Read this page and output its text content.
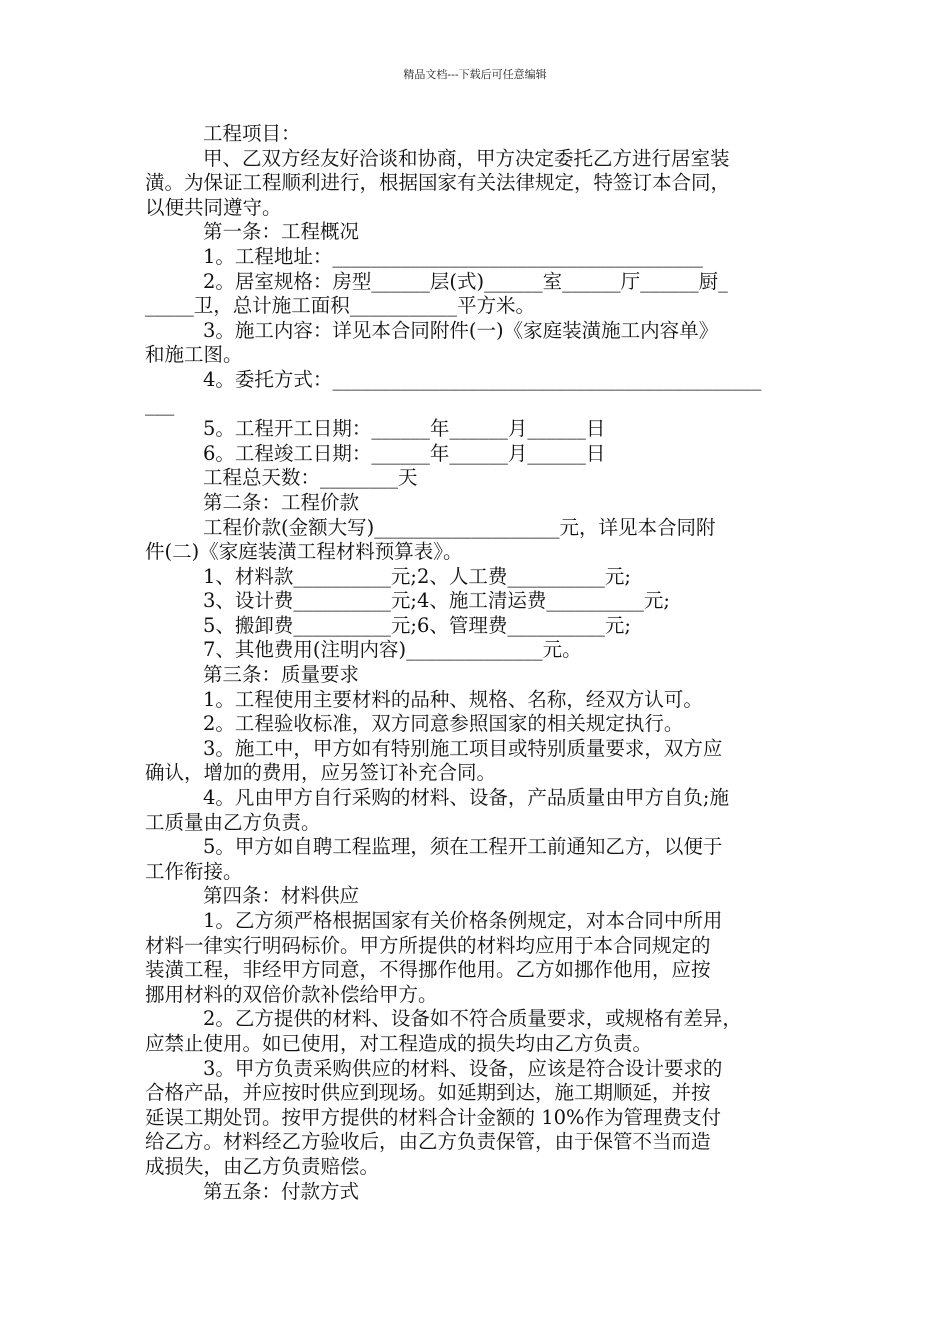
精品文档---下载后可任意编辑
工程项目：
甲、乙双方经友好洽谈和协商，甲方决定委托乙方进行居室装
潢。为保证工程顺利进行，根据国家有关法律规定，特签订本合同，
以便共同遵守。
第一条：工程概况
1。工程地址：______________________________________
2。居室规格：房型______层(式)______室______厅______厨_
_____卫，总计施工面积___________平方米。
3。施工内容：详见本合同附件(一)《家庭装潢施工内容单》
和施工图。
4。委托方式：____________________________________________
___
5。工程开工日期：______年______月______日
6。工程竣工日期：______年______月______日
工程总天数：________天
第二条：工程价款
工程价款(金额大写)___________________元，详见本合同附
件(二)《家庭装潢工程材料预算表》。
1、材料款__________元;2、人工费__________元;
3、设计费__________元;4、施工清运费__________元;
5、搬卸费__________元;6、管理费__________元;
7、其他费用(注明内容)______________元。
第三条：质量要求
1。工程使用主要材料的品种、规格、名称，经双方认可。
2。工程验收标准，双方同意参照国家的相关规定执行。
3。施工中，甲方如有特别施工项目或特别质量要求，双方应
确认，增加的费用，应另签订补充合同。
4。凡由甲方自行采购的材料、设备，产品质量由甲方自负;施
工质量由乙方负责。
5。甲方如自聘工程监理，须在工程开工前通知乙方，以便于
工作衔接。
第四条：材料供应
1。乙方须严格根据国家有关价格条例规定，对本合同中所用
材料一律实行明码标价。甲方所提供的材料均应用于本合同规定的
装潢工程，非经甲方同意，不得挪作他用。乙方如挪作他用，应按
挪用材料的双倍价款补偿给甲方。
2。乙方提供的材料、设备如不符合质量要求，或规格有差异，
应禁止使用。如已使用，对工程造成的损失均由乙方负责。
3。甲方负责采购供应的材料、设备，应该是符合设计要求的
合格产品，并应按时供应到现场。如延期到达，施工期顺延，并按
延误工期处罚。按甲方提供的材料合计金额的 10%作为管理费支付
给乙方。材料经乙方验收后，由乙方负责保管，由于保管不当而造
成损失，由乙方负责赔偿。
第五条：付款方式
